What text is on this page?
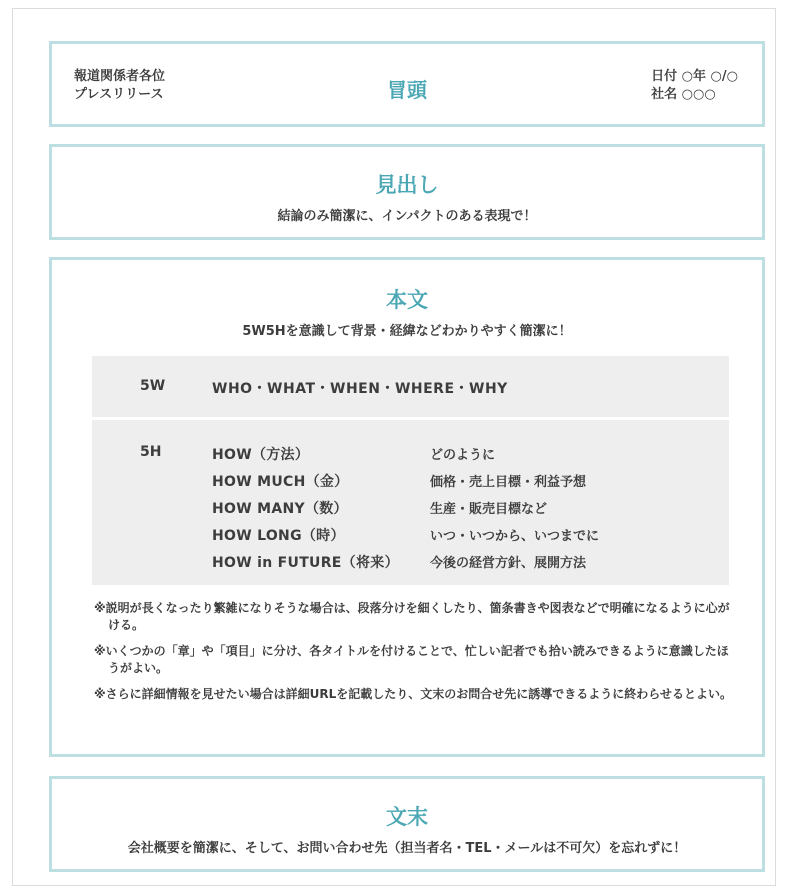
報道関係者各位
プレスリリース	冒頭
日付 ○年 ○/○
社名 ○○○
見出し
結論のみ簡潔に、インパクトのある表現で！
本文
5W5Hを意識して背景・経緯などわかりやすく簡潔に！
5W	WHO・WHAT・WHEN・WHERE・WHY
5H	HOW（方法）	どのように
HOW MUCH（金）	価格・売上目標・利益予想
HOW MANY（数）	生産・販売目標など
HOW LONG（時）	いつ・いつから、いつまでに
HOW in FUTURE（将来） 今後の経営方針、展開方法
※説明が長くなったり繁雑になりそうな場合は、段落分けを細くしたり、箇条書きや図表などで明確になるように心がける。
※いくつかの「章」や「項目」に分け、各タイトルを付けることで、忙しい記者でも拾い読みできるように意識したほうがよい。
※さらに詳細情報を見せたい場合は詳細URLを記載したり、文末のお問合せ先に誘導できるように終わらせるとよい。
文末
会社概要を簡潔に、そして、お問い合わせ先（担当者名・TEL・メールは不可欠）を忘れずに！
